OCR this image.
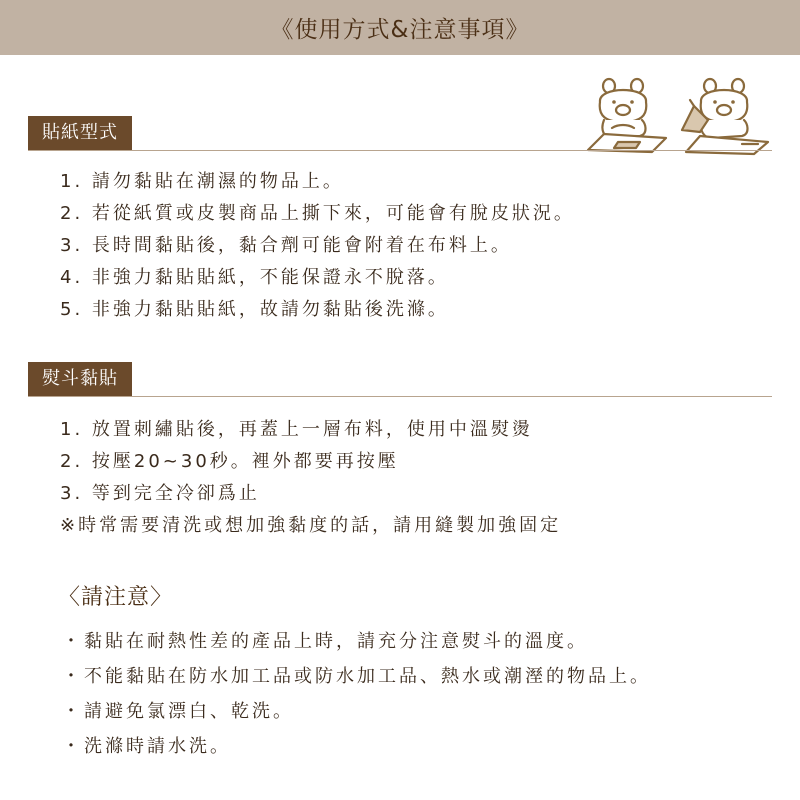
《使用方式&注意事項》
貼紙型式
1. 請勿黏貼在潮濕的物品上。
2. 若從紙質或皮製商品上撕下來，可能會有脫皮狀況。
3. 長時間黏貼後，黏合劑可能會附着在布料上。
4. 非強力黏貼貼紙，不能保證永不脫落。
5. 非強力黏貼貼紙，故請勿黏貼後洗滌。
熨斗黏貼
1. 放置刺繡貼後，再蓋上一層布料，使用中溫熨燙
2. 按壓20~30秒。裡外都要再按壓
3. 等到完全冷卻爲止
※時常需要清洗或想加強黏度的話，請用縫製加強固定
〈請注意〉
・ 黏貼在耐熱性差的產品上時，請充分注意熨斗的溫度。
・ 不能黏貼在防水加工品或防水加工品、熱水或潮溼的物品上。
・ 請避免氯漂白、乾洗。
・ 洗滌時請水洗。
